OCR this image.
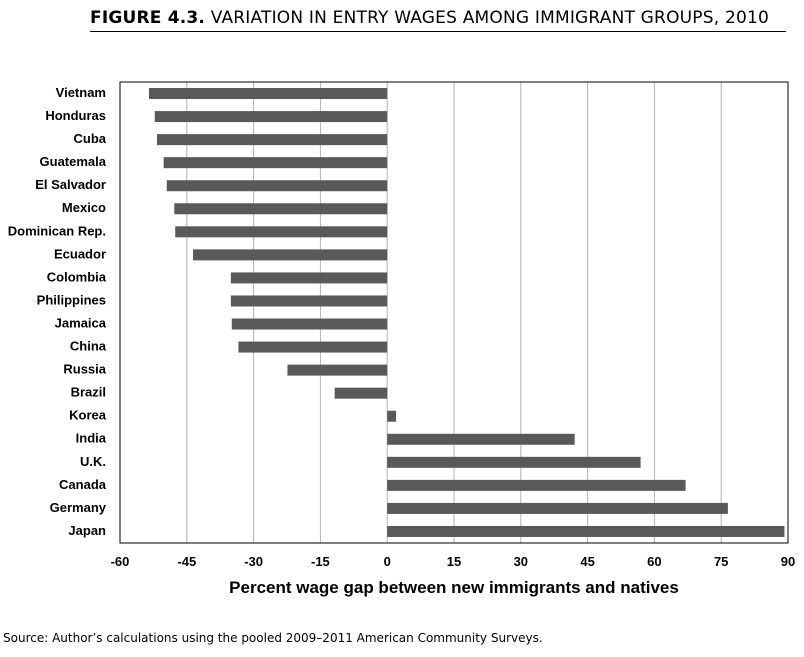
FIGURE 4.3. VARIATION IN ENTRY WAGES AMONG IMMIGRANT GROUPS, 2010
-60	-45	-30	-15	0	15	30	45	60	75	90
Vietnam
Honduras
Cuba
Guatemala
El Salvador
Mexico
Dominican Rep.
Ecuador
Colombia
Philippines
Jamaica
China
Russia
Brazil
Korea
India
U.K.
Canada
Germany
Japan
Percent wage gap between new immigrants and natives
Source: Author’s calculations using the pooled 2009–2011 American Community Surveys.
